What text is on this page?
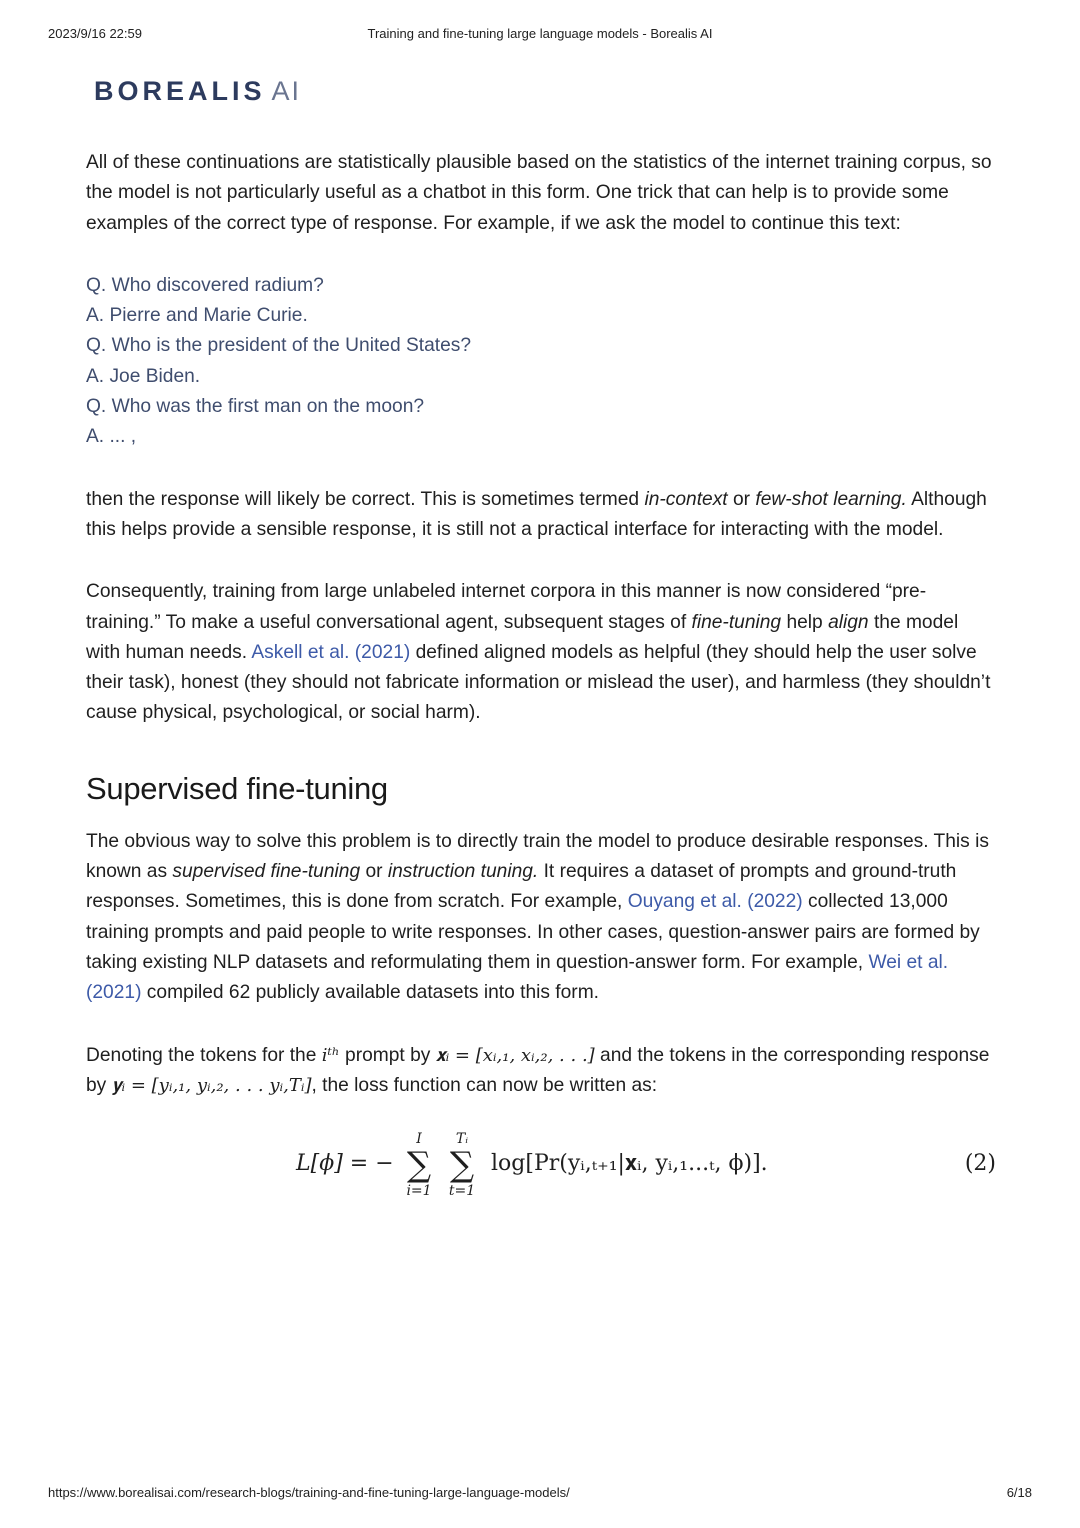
2023/9/16 22:59	Training and fine-tuning large language models - Borealis AI
BOREALIS AI

All of these continuations are statistically plausible based on the statistics of the internet training corpus, so the model is not particularly useful as a chatbot in this form. One trick that can help is to provide some examples of the correct type of response. For example, if we ask the model to continue this text:

Q. Who discovered radium?
A. Pierre and Marie Curie.
Q. Who is the president of the United States?
A. Joe Biden.
Q. Who was the first man on the moon?
A. ... ,

then the response will likely be correct. This is sometimes termed in-context or few-shot learning. Although this helps provide a sensible response, it is still not a practical interface for interacting with the model.

Consequently, training from large unlabeled internet corpora in this manner is now considered “pre-training.” To make a useful conversational agent, subsequent stages of fine-tuning help align the model with human needs. Askell et al. (2021) defined aligned models as helpful (they should help the user solve their task), honest (they should not fabricate information or mislead the user), and harmless (they shouldn’t cause physical, psychological, or social harm).

Supervised fine-tuning

The obvious way to solve this problem is to directly train the model to produce desirable responses. This is known as supervised fine-tuning or instruction tuning. It requires a dataset of prompts and ground-truth responses. Sometimes, this is done from scratch. For example, Ouyang et al. (2022) collected 13,000 training prompts and paid people to write responses. In other cases, question-answer pairs are formed by taking existing NLP datasets and reformulating them in question-answer form. For example, Wei et al. (2021) compiled 62 publicly available datasets into this form.

Denoting the tokens for the iᵗʰ prompt by 𝐱ᵢ = [xᵢ,₁, xᵢ,₂, . . .] and the tokens in the corresponding response by 𝐲ᵢ = [yᵢ,₁, yᵢ,₂, . . . yᵢ,Tᵢ], the loss function can now be written as:

L[ϕ] = −
I
∑
i=1
Tᵢ
∑
t=1
log[Pr(yᵢ,ₜ₊₁|𝐱ᵢ, yᵢ,₁...ₜ, ϕ)].	(2)
https://www.borealisai.com/research-blogs/training-and-fine-tuning-large-language-models/	6/18
